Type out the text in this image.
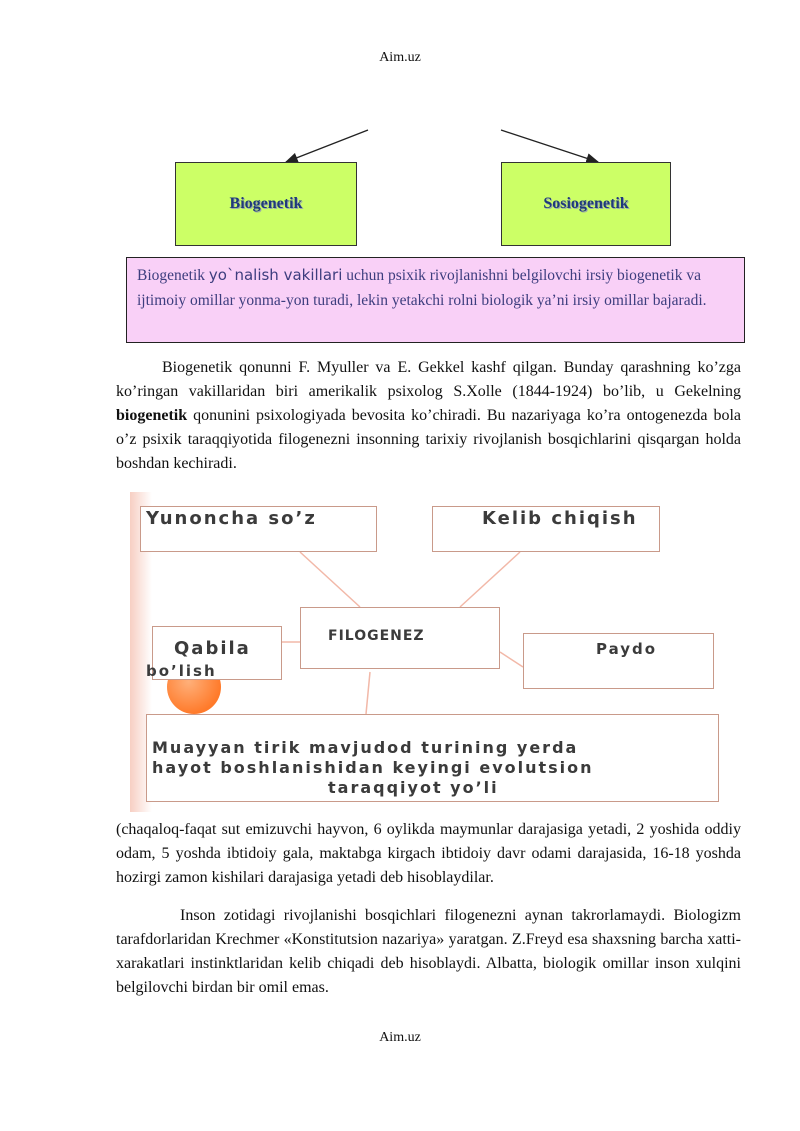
Aim.uz
Biogenetik	Sosiogenetik
Biogenetik yo`nalish vakillari uchun psixik rivojlanishni belgilovchi irsiy biogenetik va ijtimoiy omillar yonma-yon turadi, lekin yetakchi rolni biologik ya’ni irsiy omillar bajaradi.

Biogenetik qonunni F. Myuller va E. Gekkel kashf qilgan. Bunday qarashning ko’zga ko’ringan vakillaridan biri amerikalik psixolog S.Xolle (1844-1924) bo’lib, u Gekelning biogenetik qonunini psixologiyada bevosita ko’chiradi. Bu nazariyaga ko’ra ontogenezda bola o’z psixik taraqqiyotida filogenezni insonning tarixiy rivojlanish bosqichlarini qisqargan holda boshdan kechiradi.

Yunoncha so’z	Kelib chiqish
FILOGENEZ
Qabila
bo’lish
Paydo
Muayyan tirik mavjudod turining yerda
hayot boshlanishidan keyingi evolutsion
taraqqiyot yo’li

(chaqaloq-faqat sut emizuvchi hayvon, 6 oylikda maymunlar darajasiga yetadi, 2 yoshida oddiy odam, 5 yoshda ibtidoiy gala, maktabga kirgach ibtidoiy davr odami darajasida, 16-18 yoshda hozirgi zamon kishilari darajasiga yetadi deb hisoblaydilar.

Inson zotidagi rivojlanishi bosqichlari filogenezni aynan takrorlamaydi. Biologizm tarafdorlaridan Krechmer «Konstitutsion nazariya» yaratgan. Z.Freyd esa shaxsning barcha xatti-xarakatlari instinktlaridan kelib chiqadi deb hisoblaydi. Albatta, biologik omillar inson xulqini belgilovchi birdan bir omil emas.

Aim.uz
